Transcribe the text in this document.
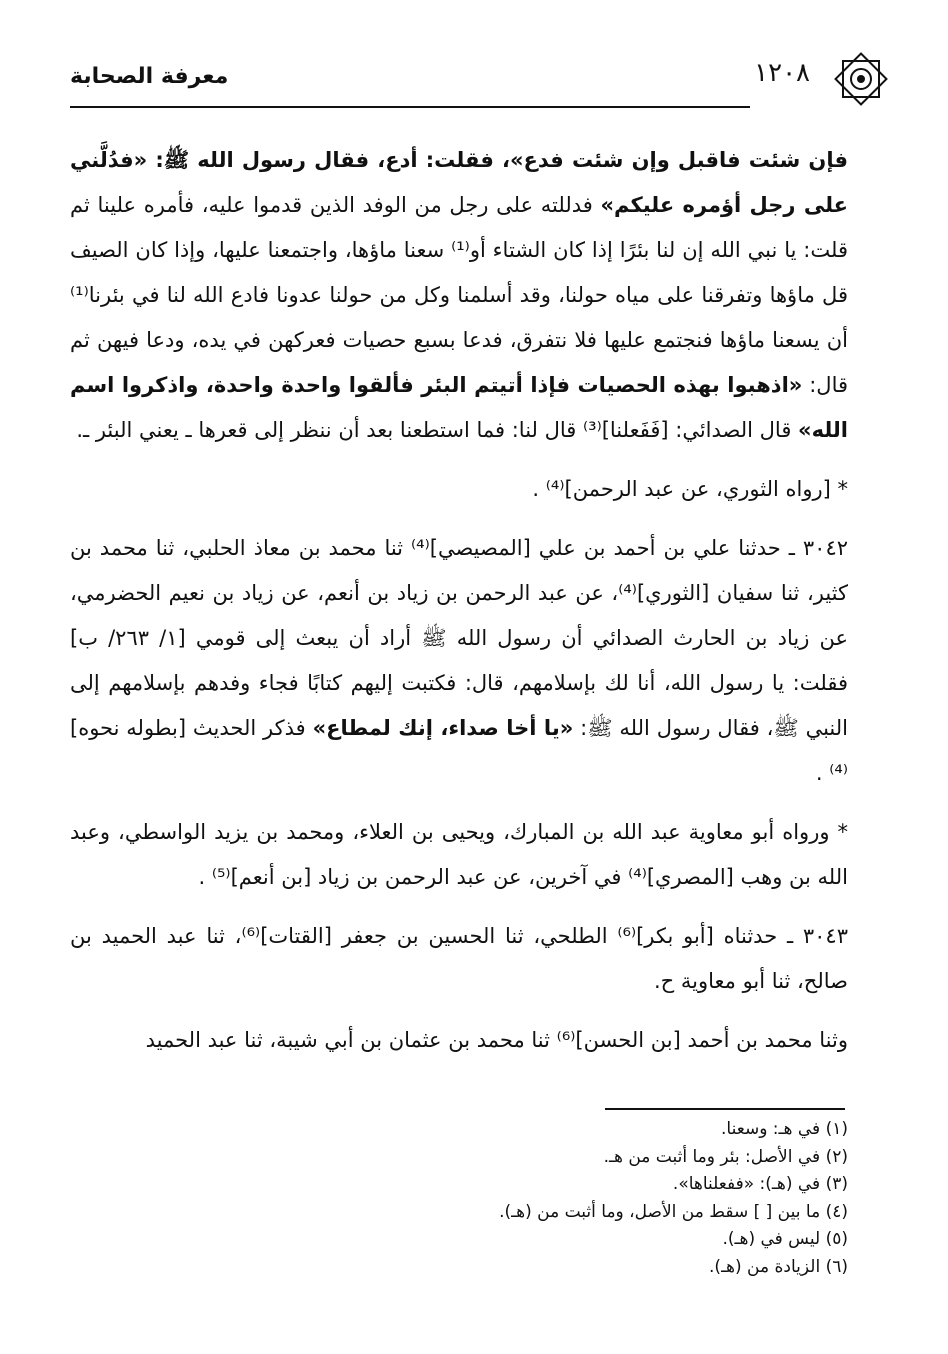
١٢٠٨
معرفة الصحابة

فإن شئت فاقبل وإن شئت فدع»، فقلت: أدع، فقال رسول الله ﷺ: «فدُلَّني على رجل أؤمره عليكم» فدللته على رجل من الوفد الذين قدموا عليه، فأمره علينا ثم قلت: يا نبي الله إن لنا بئرًا إذا كان الشتاء أو⁽¹⁾ سعنا ماؤها، واجتمعنا عليها، وإذا كان الصيف قل ماؤها وتفرقنا على مياه حولنا، وقد أسلمنا وكل من حولنا عدونا فادع الله لنا في بئرنا⁽¹⁾ أن يسعنا ماؤها فنجتمع عليها فلا نتفرق، فدعا بسبع حصيات فعركهن في يده، ودعا فيهن ثم قال: «اذهبوا بهذه الحصيات فإذا أتيتم البئر فألقوا واحدة واحدة، واذكروا اسم الله» قال الصدائي: [فَفَعلنا]⁽³⁾ قال لنا: فما استطعنا بعد أن ننظر إلى قعرها ـ يعني البئر ـ.

* [رواه الثوري، عن عبد الرحمن]⁽⁴⁾ .

٣٠٤٢ ـ حدثنا علي بن أحمد بن علي [المصيصي]⁽⁴⁾ ثنا محمد بن معاذ الحلبي، ثنا محمد بن كثير، ثنا سفيان [الثوري]⁽⁴⁾، عن عبد الرحمن بن زياد بن أنعم، عن زياد بن نعيم الحضرمي، عن زياد بن الحارث الصدائي أن رسول الله ﷺ أراد أن يبعث إلى قومي [١/ ٢٦٣/ ب] فقلت: يا رسول الله، أنا لك بإسلامهم، قال: فكتبت إليهم كتابًا فجاء وفدهم بإسلامهم إلى النبي ﷺ، فقال رسول الله ﷺ: «يا أخا صداء، إنك لمطاع» فذكر الحديث [بطوله نحوه]⁽⁴⁾ .

* ورواه أبو معاوية عبد الله بن المبارك، ويحيى بن العلاء، ومحمد بن يزيد الواسطي، وعبد الله بن وهب [المصري]⁽⁴⁾ في آخرين، عن عبد الرحمن بن زياد [بن أنعم]⁽⁵⁾ .

٣٠٤٣ ـ حدثناه [أبو بكر]⁽⁶⁾ الطلحي، ثنا الحسين بن جعفر [القتات]⁽⁶⁾، ثنا عبد الحميد بن صالح، ثنا أبو معاوية ح.

وثنا محمد بن أحمد [بن الحسن]⁽⁶⁾ ثنا محمد بن عثمان بن أبي شيبة، ثنا عبد الحميد

(١) في هـ: وسعنا.
(٢) في الأصل: بئر وما أثبت من هـ.
(٣) في (هـ): «ففعلناها».
(٤) ما بين [ ] سقط من الأصل، وما أثبت من (هـ).
(٥) ليس في (هـ).
(٦) الزيادة من (هـ).
